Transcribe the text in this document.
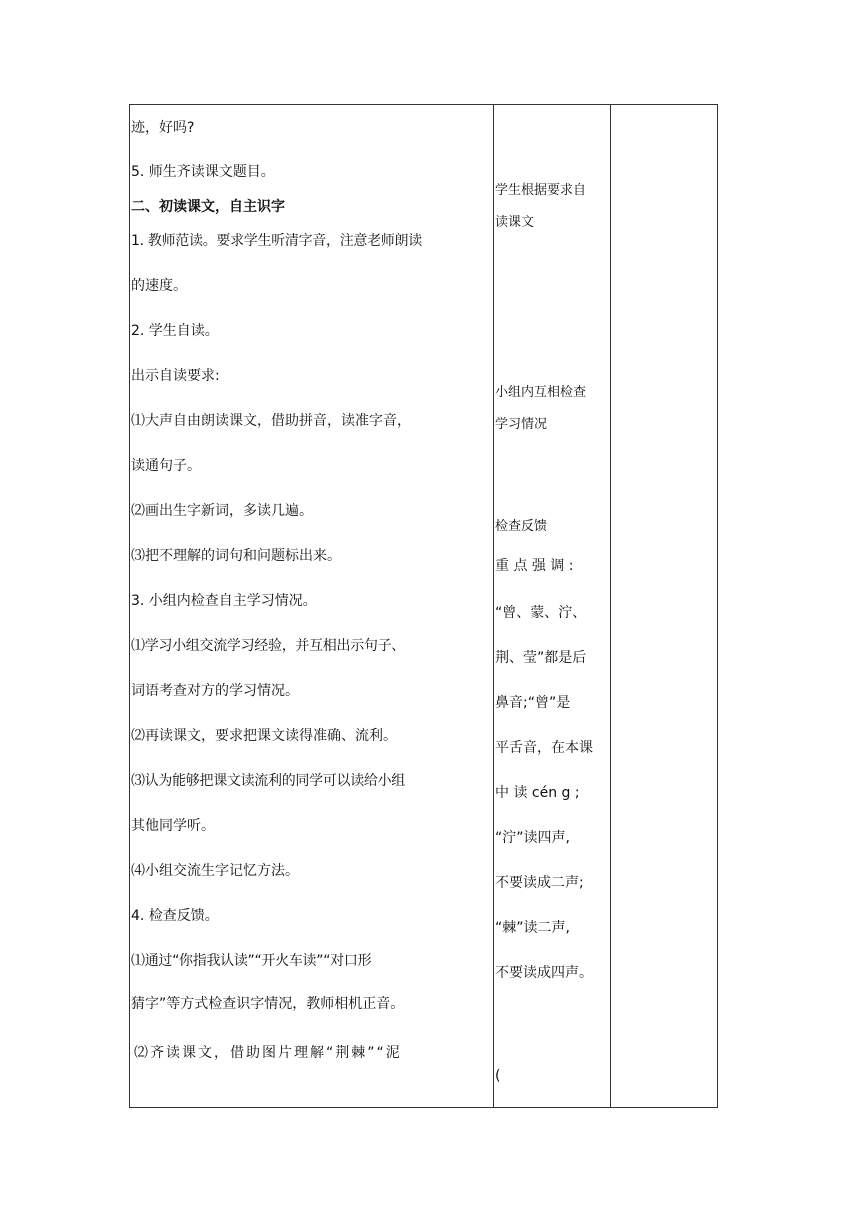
迹，好吗?
5. 师生齐读课文题目。
二、初读课文，自主识字
1. 教师范读。要求学生听清字音，注意老师朗读
的速度。
2. 学生自读。
出示自读要求:
⑴大声自由朗读课文，借助拼音，读准字音，
读通句子。
⑵画出生字新词，多读几遍。
⑶把不理解的词句和问题标出来。
3. 小组内检查自主学习情况。
⑴学习小组交流学习经验，并互相出示句子、
词语考查对方的学习情况。
⑵再读课文，要求把课文读得准确、流利。
⑶认为能够把课文读流利的同学可以读给小组
其他同学听。
⑷小组交流生字记忆方法。
4. 检查反馈。
⑴通过“你指我认读”“开火车读”“对口形
猜字”等方式检查识字情况，教师相机正音。
⑵齐读课文，借助图片理解“荆棘”“泥
学生根据要求自
读课文
小组内互相检查
学习情况
检查反馈
重 点 强 调 :
“曾、蒙、泞、
荆、莹”都是后
鼻音;“曾”是
平舌音，在本课
中 读 cén g ;
“泞”读四声,
不要读成二声;
“棘”读二声,
不要读成四声。
(
